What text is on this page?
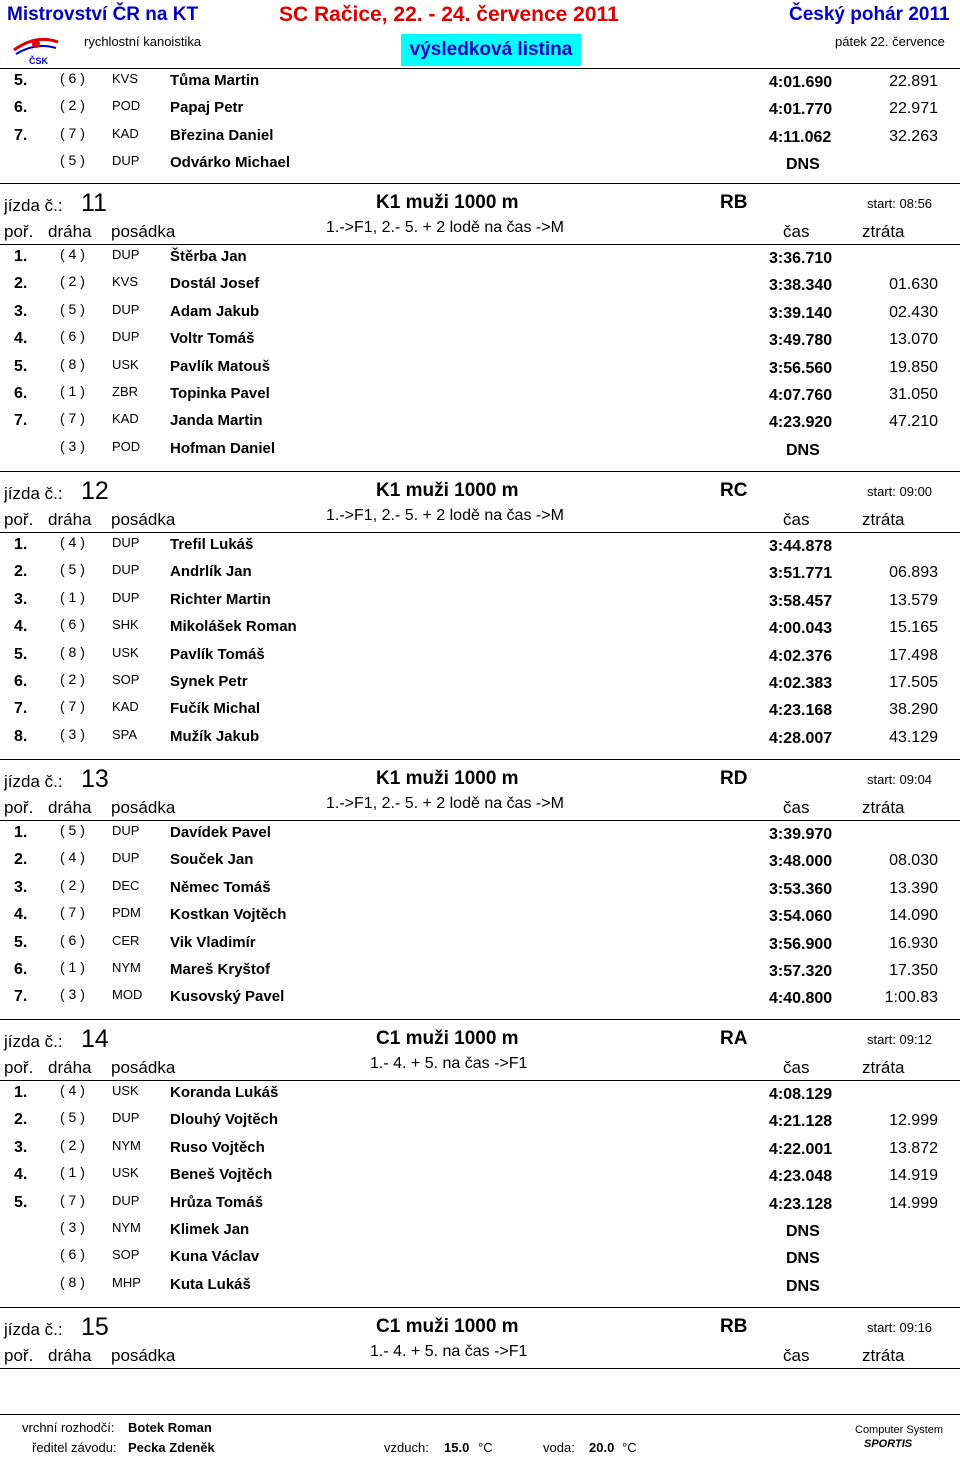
Mistrovství ČR na KT	SC Račice, 22. - 24. července 2011	Český pohár 2011
ČSK
rychlostní kanoistika	výsledková listina	pátek 22. července
5. ( 6 ) KVS Tůma Martin	4:01.690	22.891
6. ( 2 ) POD Papaj Petr	4:01.770	22.971
7. ( 7 ) KAD Březina Daniel	4:11.062	32.263
( 5 ) DUP Odvárko Michael	DNS
jízda č.: 11	K1 muži 1000 m	RB	start: 08:56
poř. dráha posádka	1.->F1, 2.- 5. + 2 lodě na čas ->M	čas	ztráta
1. ( 4 ) DUP Štěrba Jan	3:36.710
2. ( 2 ) KVS Dostál Josef	3:38.340	01.630
3. ( 5 ) DUP Adam Jakub	3:39.140	02.430
4. ( 6 ) DUP Voltr Tomáš	3:49.780	13.070
5. ( 8 ) USK Pavlík Matouš	3:56.560	19.850
6. ( 1 ) ZBR Topinka Pavel	4:07.760	31.050
7. ( 7 ) KAD Janda Martin	4:23.920	47.210
( 3 ) POD Hofman Daniel	DNS
jízda č.: 12	K1 muži 1000 m	RC	start: 09:00
poř. dráha posádka	1.->F1, 2.- 5. + 2 lodě na čas ->M	čas	ztráta
1. ( 4 ) DUP Trefil Lukáš	3:44.878
2. ( 5 ) DUP Andrlík Jan	3:51.771	06.893
3. ( 1 ) DUP Richter Martin	3:58.457	13.579
4. ( 6 ) SHK Mikolášek Roman	4:00.043	15.165
5. ( 8 ) USK Pavlík Tomáš	4:02.376	17.498
6. ( 2 ) SOP Synek Petr	4:02.383	17.505
7. ( 7 ) KAD Fučík Michal	4:23.168	38.290
8. ( 3 ) SPA Mužík Jakub	4:28.007	43.129
jízda č.: 13	K1 muži 1000 m	RD	start: 09:04
poř. dráha posádka	1.->F1, 2.- 5. + 2 lodě na čas ->M	čas	ztráta
1. ( 5 ) DUP Davídek Pavel	3:39.970
2. ( 4 ) DUP Souček Jan	3:48.000	08.030
3. ( 2 ) DEC Němec Tomáš	3:53.360	13.390
4. ( 7 ) PDM Kostkan Vojtěch	3:54.060	14.090
5. ( 6 ) CER Vik Vladimír	3:56.900	16.930
6. ( 1 ) NYM Mareš Kryštof	3:57.320	17.350
7. ( 3 ) MOD Kusovský Pavel	4:40.800	1:00.83
jízda č.: 14	C1 muži 1000 m	RA	start: 09:12
poř. dráha posádka	1.- 4. + 5. na čas ->F1	čas	ztráta
1. ( 4 ) USK Koranda Lukáš	4:08.129
2. ( 5 ) DUP Dlouhý Vojtěch	4:21.128	12.999
3. ( 2 ) NYM Ruso Vojtěch	4:22.001	13.872
4. ( 1 ) USK Beneš Vojtěch	4:23.048	14.919
5. ( 7 ) DUP Hrůza Tomáš	4:23.128	14.999
( 3 ) NYM Klimek Jan	DNS
( 6 ) SOP Kuna Václav	DNS
( 8 ) MHP Kuta Lukáš	DNS
jízda č.: 15	C1 muži 1000 m	RB	start: 09:16
poř. dráha posádka	1.- 4. + 5. na čas ->F1	čas	ztráta
vrchní rozhodčí: Botek Roman
ředitel závodu: Pecka Zdeněk	vzduch: 15.0 °C	voda: 20.0 °C
Computer System
SPORTIS
